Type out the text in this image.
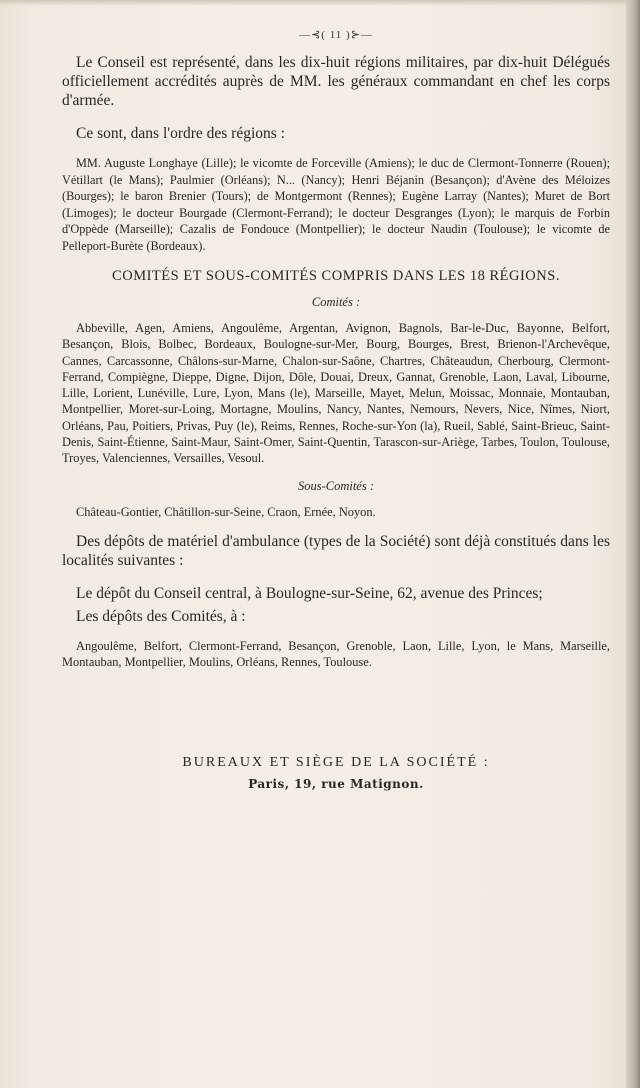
—⊰( 11 )⊱—

Le Conseil est représenté, dans les dix-huit régions militaires, par dix-huit Délégués officiellement accrédités auprès de MM. les généraux commandant en chef les corps d'armée.

Ce sont, dans l'ordre des régions :

MM. Auguste Longhaye (Lille); le vicomte de Forceville (Amiens); le duc de Clermont-Tonnerre (Rouen); Vétillart (le Mans); Paulmier (Orléans); N... (Nancy); Henri Béjanin (Besançon); d'Avène des Méloizes (Bourges); le baron Brenier (Tours); de Montgermont (Rennes); Eugène Larray (Nantes); Muret de Bort (Limoges); le docteur Bourgade (Clermont-Ferrand); le docteur Desgranges (Lyon); le marquis de Forbin d'Oppède (Marseille); Cazalis de Fondouce (Montpellier); le docteur Naudin (Toulouse); le vicomte de Pelleport-Burète (Bordeaux).

COMITÉS ET SOUS-COMITÉS COMPRIS DANS LES 18 RÉGIONS.
Comités :

Abbeville, Agen, Amiens, Angoulême, Argentan, Avignon, Bagnols, Bar-le-Duc, Bayonne, Belfort, Besançon, Blois, Bolbec, Bordeaux, Boulogne-sur-Mer, Bourg, Bourges, Brest, Brienon-l'Archevêque, Cannes, Carcassonne, Châlons-sur-Marne, Chalon-sur-Saône, Chartres, Châteaudun, Cherbourg, Clermont-Ferrand, Compiègne, Dieppe, Digne, Dijon, Dôle, Douai, Dreux, Gannat, Grenoble, Laon, Laval, Libourne, Lille, Lorient, Lunéville, Lure, Lyon, Mans (le), Marseille, Mayet, Melun, Moissac, Monnaie, Montauban, Montpellier, Moret-sur-Loing, Mortagne, Moulins, Nancy, Nantes, Nemours, Nevers, Nice, Nîmes, Niort, Orléans, Pau, Poitiers, Privas, Puy (le), Reims, Rennes, Roche-sur-Yon (la), Rueil, Sablé, Saint-Brieuc, Saint-Denis, Saint-Étienne, Saint-Maur, Saint-Omer, Saint-Quentin, Tarascon-sur-Ariège, Tarbes, Toulon, Toulouse, Troyes, Valenciennes, Versailles, Vesoul.

Sous-Comités :

Château-Gontier, Châtillon-sur-Seine, Craon, Ernée, Noyon.

Des dépôts de matériel d'ambulance (types de la Société) sont déjà constitués dans les localités suivantes :

Le dépôt du Conseil central, à Boulogne-sur-Seine, 62, avenue des Princes;

Les dépôts des Comités, à :

Angoulême, Belfort, Clermont-Ferrand, Besançon, Grenoble, Laon, Lille, Lyon, le Mans, Marseille, Montauban, Montpellier, Moulins, Orléans, Rennes, Toulouse.

BUREAUX ET SIÈGE DE LA SOCIÉTÉ :
Paris, 19, rue Matignon.
